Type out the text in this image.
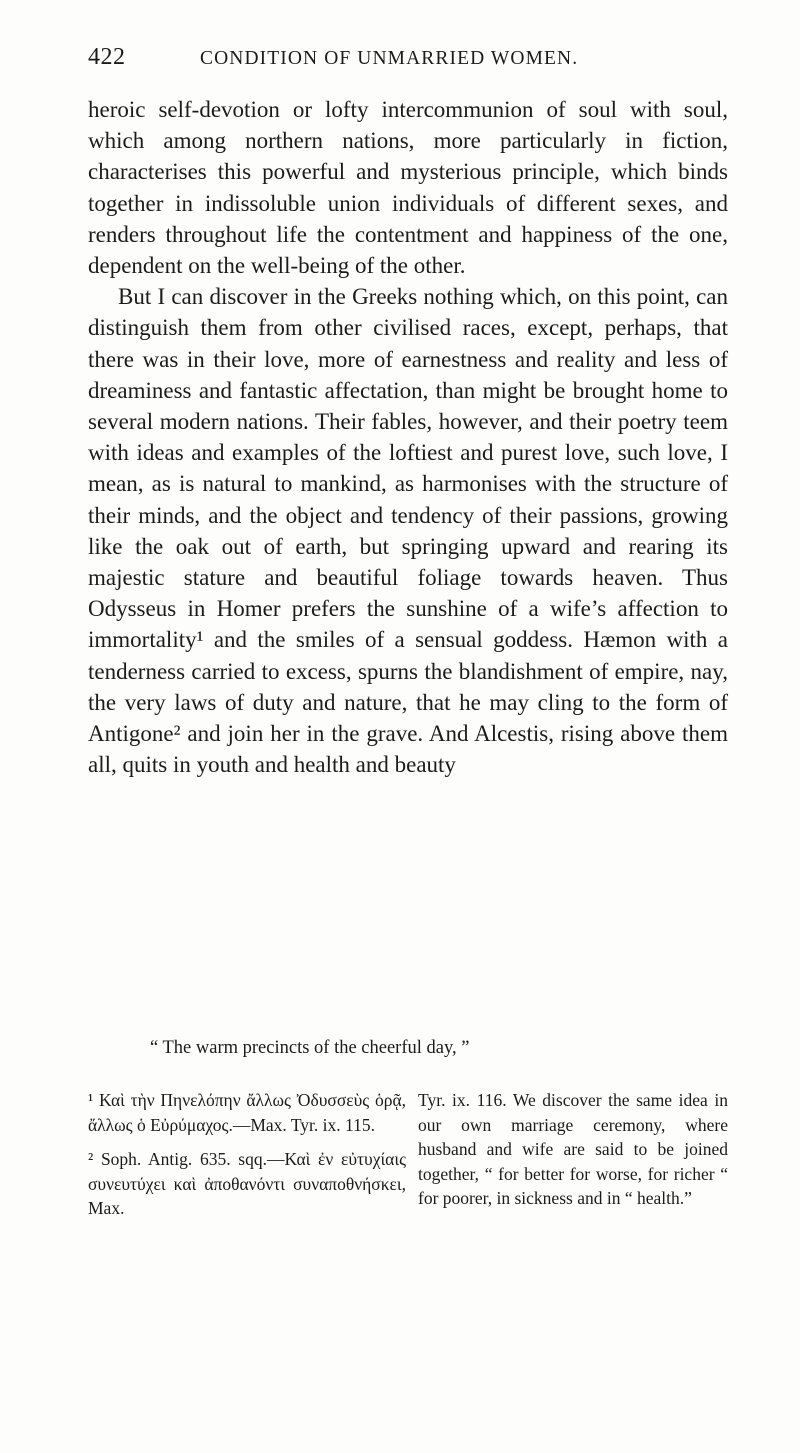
422	CONDITION OF UNMARRIED WOMEN.

heroic self-devotion or lofty intercommunion of soul with soul, which among northern nations, more particularly in fiction, characterises this powerful and mysterious principle, which binds together in indissoluble union individuals of different sexes, and renders throughout life the contentment and happiness of the one, dependent on the well-being of the other.

But I can discover in the Greeks nothing which, on this point, can distinguish them from other civilised races, except, perhaps, that there was in their love, more of earnestness and reality and less of dreaminess and fantastic affectation, than might be brought home to several modern nations. Their fables, however, and their poetry teem with ideas and examples of the loftiest and purest love, such love, I mean, as is natural to mankind, as harmonises with the structure of their minds, and the object and tendency of their passions, growing like the oak out of earth, but springing upward and rearing its majestic stature and beautiful foliage towards heaven. Thus Odysseus in Homer prefers the sunshine of a wife’s affection to immortality¹ and the smiles of a sensual goddess. Hæmon with a tenderness carried to excess, spurns the blandishment of empire, nay, the very laws of duty and nature, that he may cling to the form of Antigone² and join her in the grave. And Alcestis, rising above them all, quits in youth and health and beauty

“ The warm precincts of the cheerful day, ”

¹ Καὶ τὴν Πηνελόπην ἄλλως Ὀδυσσεὺς ὁρᾷ, ἄλλως ὁ Εὐρύμαχος.—Max. Tyr. ix. 115.

² Soph. Antig. 635. sqq.—Καὶ ἐν εὐτυχίαις συνευτύχει καὶ ἀποθανόντι συναποθνήσκει, Max.

Tyr. ix. 116. We discover the same idea in our own marriage ceremony, where husband and wife are said to be joined together, “ for better for worse, for richer “ for poorer, in sickness and in “ health.”
